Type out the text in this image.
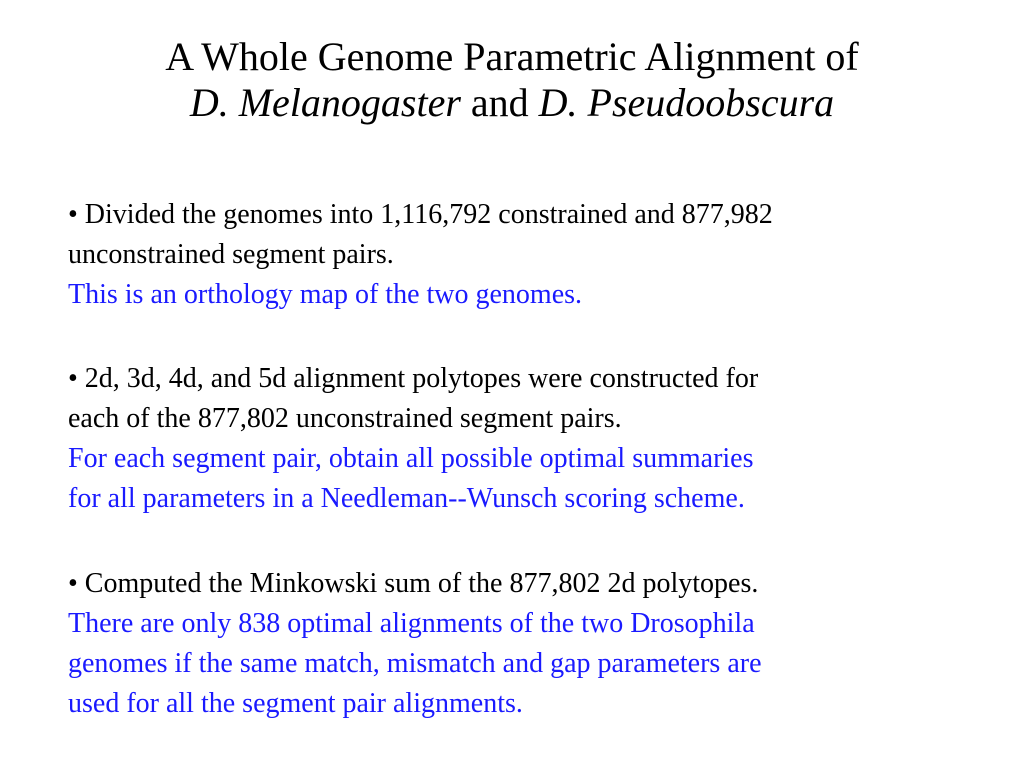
A Whole Genome Parametric Alignment of
D. Melanogaster and D. Pseudoobscura
• Divided the genomes into 1,116,792 constrained and 877,982
unconstrained segment pairs.
This is an orthology map of the two genomes.
• 2d, 3d, 4d, and 5d alignment polytopes were constructed for
each of the 877,802 unconstrained segment pairs.
For each segment pair, obtain all possible optimal summaries
for all parameters in a Needleman--Wunsch scoring scheme.
• Computed the Minkowski sum of the 877,802 2d polytopes.
There are only 838 optimal alignments of the two Drosophila
genomes if the same match, mismatch and gap parameters are
used for all the segment pair alignments.
